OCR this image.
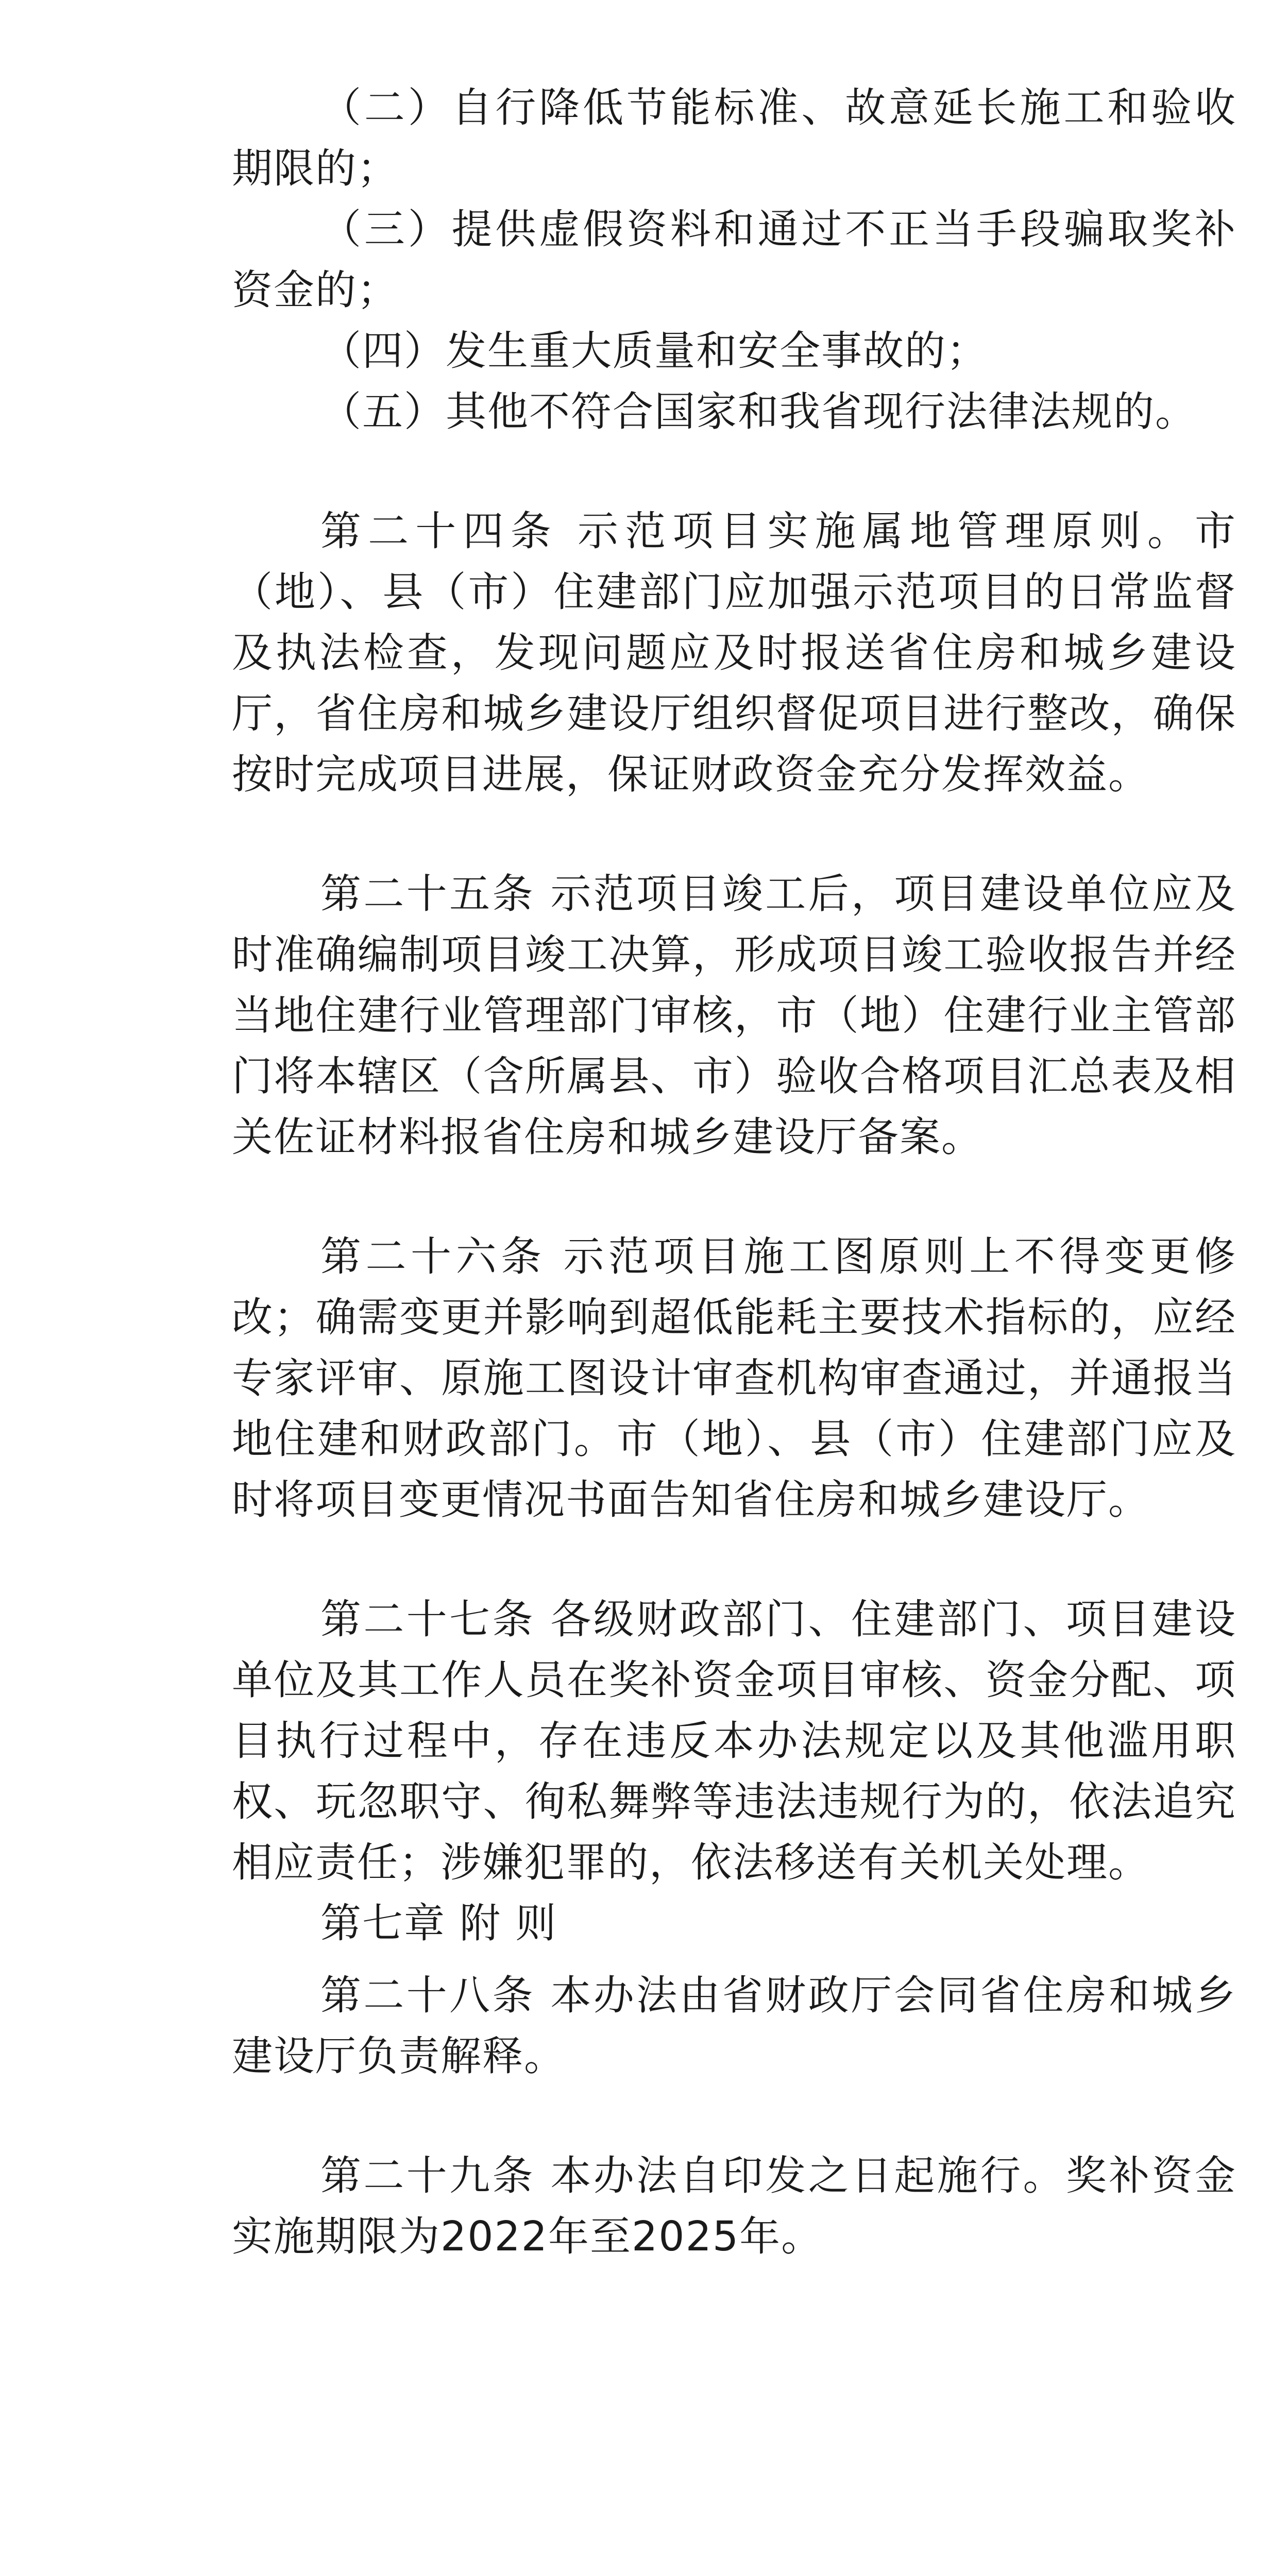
（二）自行降低节能标准、故意延长施工和验收期限的；

（三）提供虚假资料和通过不正当手段骗取奖补资金的；

（四）发生重大质量和安全事故的；

（五）其他不符合国家和我省现行法律法规的。

第二十四条 示范项目实施属地管理原则。市（地）、县（市）住建部门应加强示范项目的日常监督及执法检查，发现问题应及时报送省住房和城乡建设厅，省住房和城乡建设厅组织督促项目进行整改，确保按时完成项目进展，保证财政资金充分发挥效益。

第二十五条 示范项目竣工后，项目建设单位应及时准确编制项目竣工决算，形成项目竣工验收报告并经当地住建行业管理部门审核，市（地）住建行业主管部门将本辖区（含所属县、市）验收合格项目汇总表及相关佐证材料报省住房和城乡建设厅备案。

第二十六条 示范项目施工图原则上不得变更修改；确需变更并影响到超低能耗主要技术指标的，应经专家评审、原施工图设计审查机构审查通过，并通报当地住建和财政部门。市（地）、县（市）住建部门应及时将项目变更情况书面告知省住房和城乡建设厅。

第二十七条 各级财政部门、住建部门、项目建设单位及其工作人员在奖补资金项目审核、资金分配、项目执行过程中，存在违反本办法规定以及其他滥用职权、玩忽职守、徇私舞弊等违法违规行为的，依法追究相应责任；涉嫌犯罪的，依法移送有关机关处理。

第七章 附 则

第二十八条 本办法由省财政厅会同省住房和城乡建设厅负责解释。

第二十九条 本办法自印发之日起施行。奖补资金实施期限为2022年至2025年。
